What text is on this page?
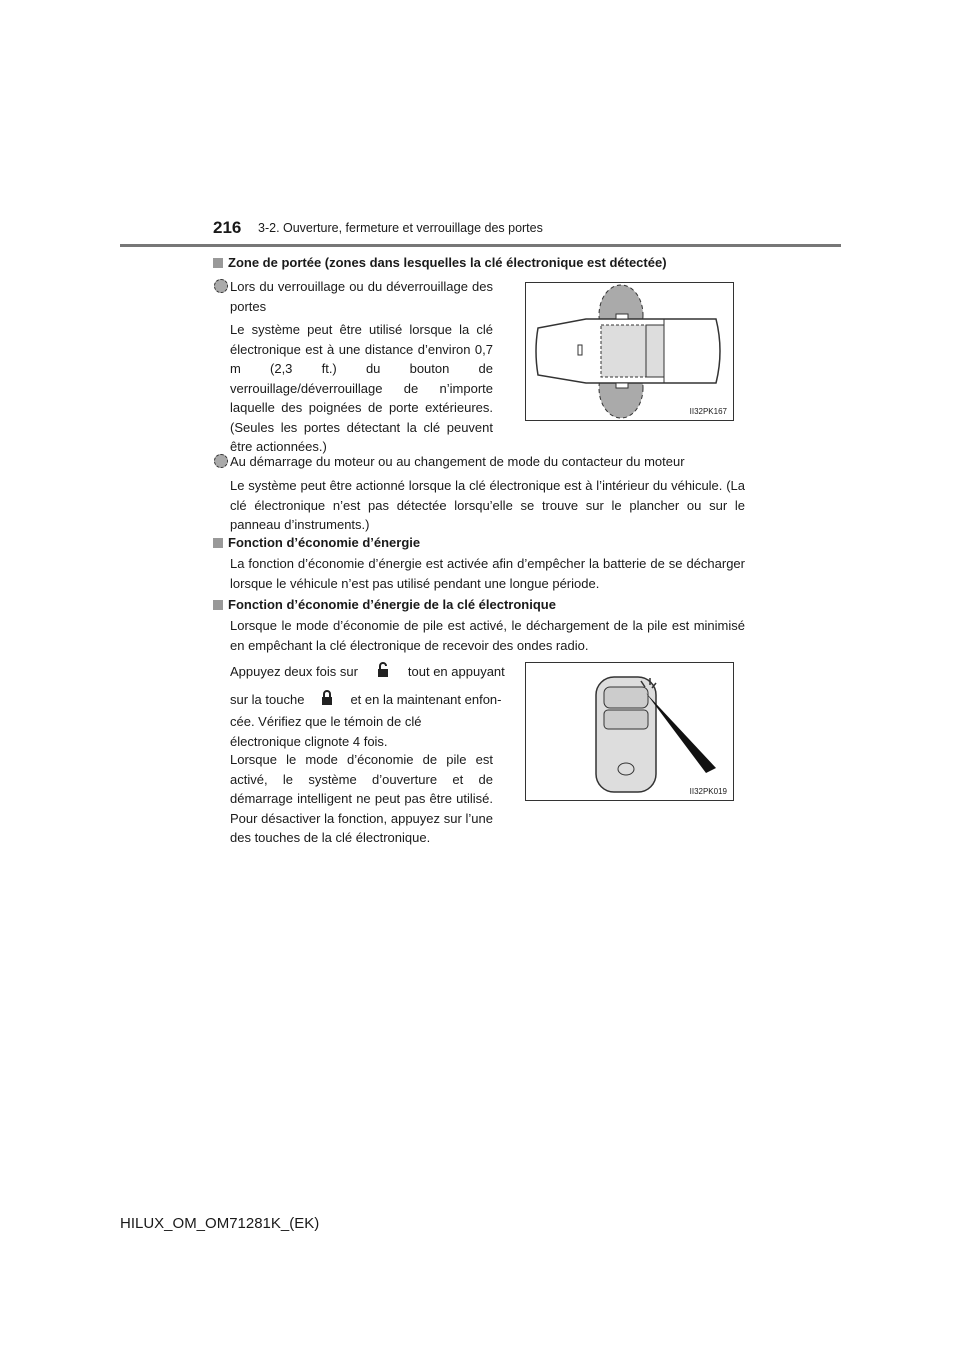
216 3-2. Ouverture, fermeture et verrouillage des portes
Zone de portée (zones dans lesquelles la clé électronique est détectée)
Lors du verrouillage ou du déverrouillage des portes
Le système peut être utilisé lorsque la clé électronique est à une distance d’environ 0,7 m (2,3 ft.) du bouton de verrouillage/déverrouillage de n’importe laquelle des poignées de porte extérieures. (Seules les portes détectant la clé peuvent être actionnées.)
II32PK167
Au démarrage du moteur ou au changement de mode du contacteur du moteur
Le système peut être actionné lorsque la clé électronique est à l’intérieur du véhicule. (La clé électronique n’est pas détectée lorsqu’elle se trouve sur le plancher ou sur le panneau d’instruments.)
Fonction d’économie d’énergie
La fonction d’économie d’énergie est activée afin d’empêcher la batterie de se décharger lorsque le véhicule n’est pas utilisé pendant une longue période.
Fonction d’économie d’énergie de la clé électronique
Lorsque le mode d’économie de pile est activé, le déchargement de la pile est minimisé en empêchant la clé électronique de recevoir des ondes radio.
Appuyez deux fois sur	tout en appuyant
sur la touche	et en la maintenant enfon-
cée. Vérifiez que le témoin de clé électronique clignote 4 fois.
Lorsque le mode d’économie de pile est activé, le système d’ouverture et de démarrage intelligent ne peut pas être utilisé. Pour désactiver la fonction, appuyez sur l’une des touches de la clé électronique.
II32PK019
HILUX_OM_OM71281K_(EK)
